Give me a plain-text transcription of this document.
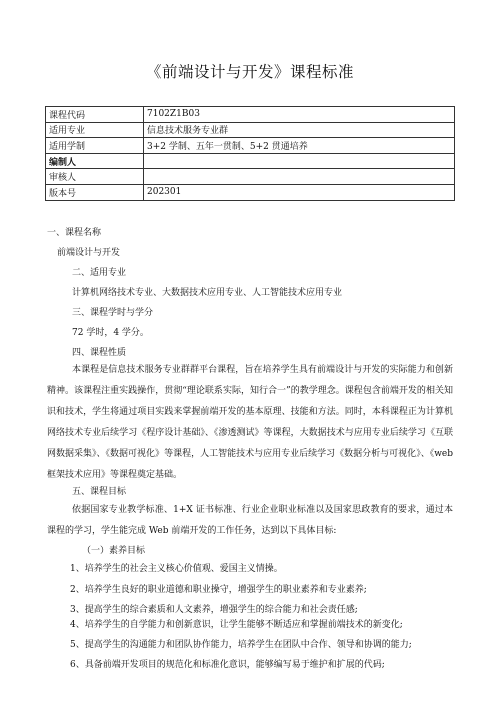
《前端设计与开发》课程标准
课程代码	7102Z1B03
适用专业	信息技术服务专业群
适用学制	3+2 学制、五年一贯制、5+2 贯通培养
编制人	
审核人	
版本号	202301
一、课程名称
前端设计与开发
二、适用专业
计算机网络技术专业、大数据技术应用专业、人工智能技术应用专业
三、课程学时与学分
72 学时，4 学分。
四、课程性质
本课程是信息技术服务专业群群平台课程，旨在培养学生具有前端设计与开发的实际能力和创新精神。该课程注重实践操作，贯彻“理论联系实际，知行合一”的教学理念。课程包含前端开发的相关知识和技术，学生将通过项目实践来掌握前端开发的基本原理、技能和方法。同时，本科课程正为计算机网络技术专业后续学习《程序设计基础》、《渗透测试》等课程，大数据技术与应用专业后续学习《互联网数据采集》、《数据可视化》等课程，人工智能技术与应用专业后续学习《数据分析与可视化》、《web 框架技术应用》等课程奠定基础。
五、课程目标
依据国家专业教学标准、1+X 证书标准、行业企业职业标准以及国家思政教育的要求，通过本课程的学习，学生能完成 Web 前端开发的工作任务，达到以下具体目标:
（一）素养目标
1、培养学生的社会主义核心价值观、爱国主义情操。
2、培养学生良好的职业道德和职业操守，增强学生的职业素养和专业素养;
3、提高学生的综合素质和人文素养，增强学生的综合能力和社会责任感;
4、培养学生的自学能力和创新意识，让学生能够不断适应和掌握前端技术的新变化;
5、提高学生的沟通能力和团队协作能力，培养学生在团队中合作、领导和协调的能力;
6、具备前端开发项目的规范化和标准化意识，能够编写易于维护和扩展的代码;
